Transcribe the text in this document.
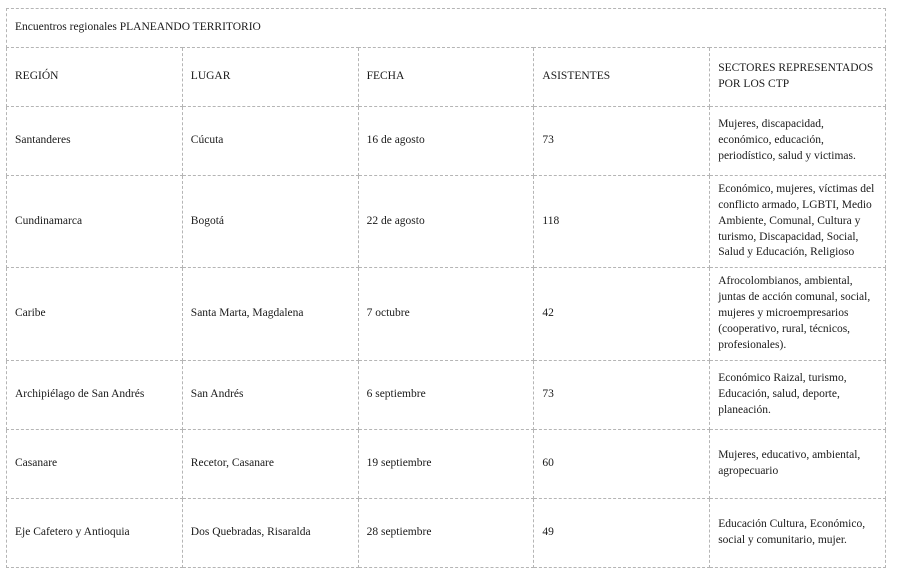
Encuentros regionales PLANEANDO TERRITORIO				
REGIÓN	LUGAR	FECHA	ASISTENTES	SECTORES REPRESENTADOS POR LOS CTP
Santanderes	Cúcuta	16 de agosto	73	Mujeres, discapacidad, económico, educación, periodístico, salud y victimas.
Cundinamarca	Bogotá	22 de agosto	118	Económico, mujeres, víctimas del conflicto armado, LGBTI, Medio Ambiente, Comunal, Cultura y turismo, Discapacidad, Social, Salud y Educación, Religioso
Caribe	Santa Marta, Magdalena	7 octubre	42	Afrocolombianos, ambiental, juntas de acción comunal, social, mujeres y microempresarios (cooperativo, rural, técnicos, profesionales).
Archipiélago de San Andrés	San Andrés	6 septiembre	73	Económico Raizal, turismo, Educación, salud, deporte, planeación.
Casanare	Recetor, Casanare	19 septiembre	60	Mujeres, educativo, ambiental, agropecuario
Eje Cafetero y Antioquia	Dos Quebradas, Risaralda	28 septiembre	49	Educación Cultura, Económico, social y comunitario, mujer.
